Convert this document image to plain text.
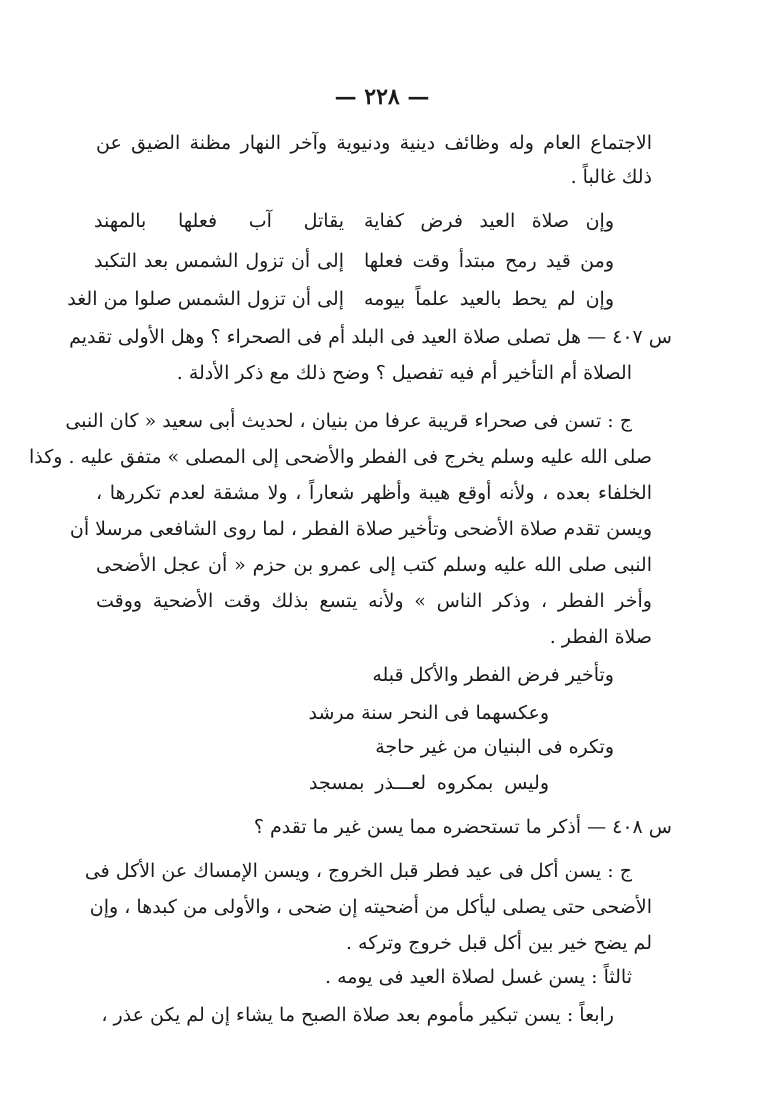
— ٢٢٨ —
الاجتماع العام وله وظائف دينية ودنيوية وآخر النهار مظنة الضيق عن
ذلك غالباً .
وإن صلاة العيد فرض كفاية
يقاتل آب فعلها بالمهند
ومن قيد رمح مبتدأ وقت فعلها
إلى أن تزول الشمس بعد التكبد
وإن لم يحط بالعيد علماً بيومه
إلى أن تزول الشمس صلوا من الغد
س ٤٠٧ — هل تصلى صلاة العيد فى البلد أم فى الصحراء ؟ وهل الأولى تقديم
الصلاة أم التأخير أم فيه تفصيل ؟ وضح ذلك مع ذكر الأدلة .
ج : تسن فى صحراء قريبة عرفا من بنيان ، لحديث أبى سعيد « كان النبى
صلى الله عليه وسلم يخرج فى الفطر والأضحى إلى المصلى » متفق عليه . وكذا
الخلفاء بعده ، ولأنه أوقع هيبة وأظهر شعاراً ، ولا مشقة لعدم تكررها ،
ويسن تقدم صلاة الأضحى وتأخير صلاة الفطر ، لما روى الشافعى مرسلا أن
النبى صلى الله عليه وسلم كتب إلى عمرو بن حزم « أن عجل الأضحى
وأخر الفطر ، وذكر الناس » ولأنه يتسع بذلك وقت الأضحية ووقت
صلاة الفطر .
وتأخير فرض الفطر والأكل قبله
وعكسهما فى النحر سنة مرشد
وتكره فى البنيان من غير حاجة
وليس بمكروه لعـــذر بمسجد
س ٤٠٨ — أذكر ما تستحضره مما يسن غير ما تقدم ؟
ج : يسن أكل فى عيد فطر قبل الخروج ، ويسن الإمساك عن الأكل فى
الأضحى حتى يصلى ليأكل من أضحيته إن ضحى ، والأولى من كبدها ، وإن
لم يضح خير بين أكل قبل خروج وتركه .
ثالثاً : يسن غسل لصلاة العيد فى يومه .
رابعاً : يسن تبكير مأموم بعد صلاة الصبح ما يشاء إن لم يكن عذر ،
